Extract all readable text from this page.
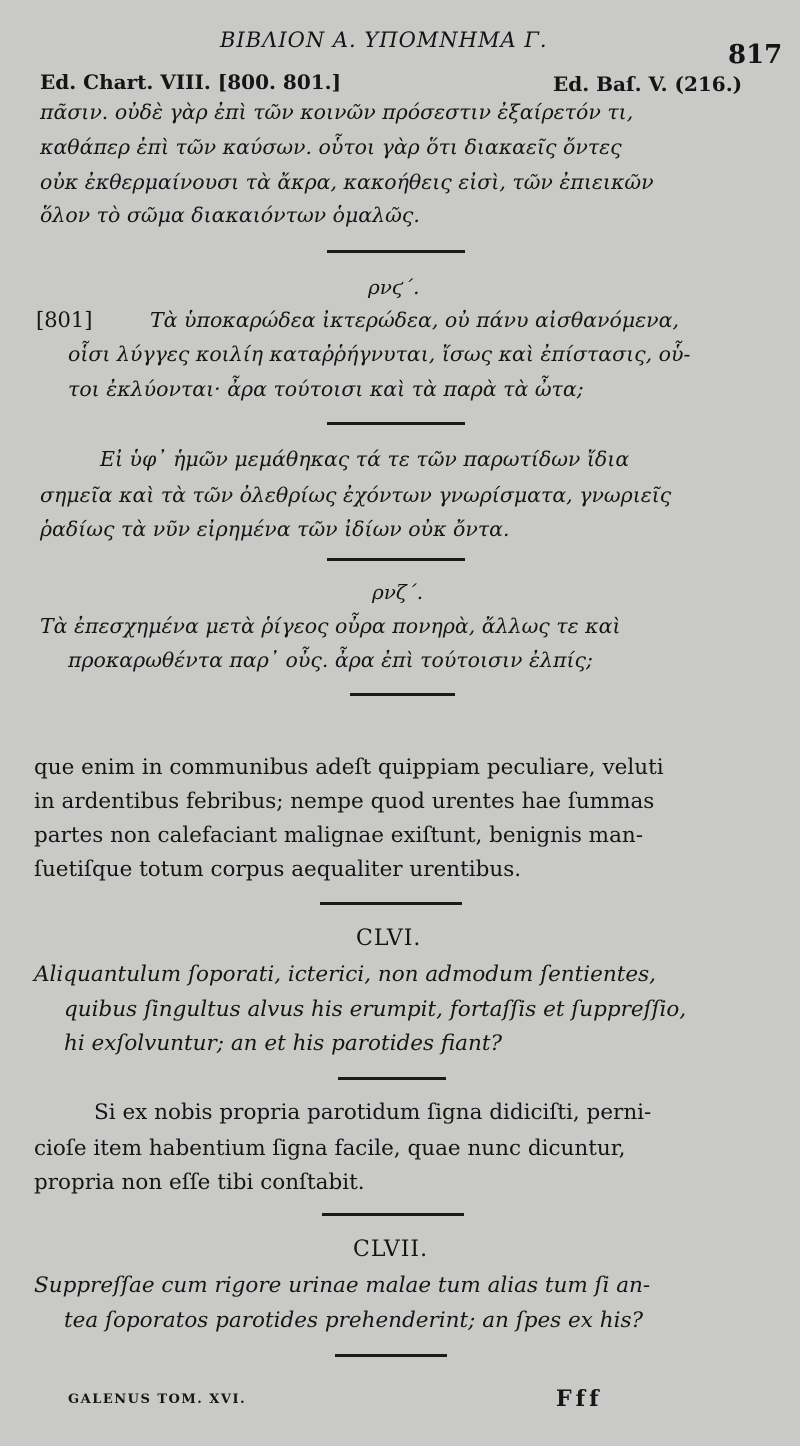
ΒΙΒΛΙΟΝ Α. ΥΠΟΜΝΗΜΑ Γ.	817
Ed. Chart. VIII. [800. 801.]	Ed. Baſ. V. (216.)
πᾶσιν. οὐδὲ γὰρ ἐπὶ τῶν κοινῶν πρόσεστιν ἐξαίρετόν τι,
καθάπερ ἐπὶ τῶν καύσων. οὗτοι γὰρ ὅτι διακαεῖς ὄντες
οὐκ ἐκθερμαίνουσι τὰ ἄκρα, κακοήθεις εἰσὶ, τῶν ἐπιεικῶν
ὅλον τὸ σῶμα διακαιόντων ὁμαλῶς.
ρνϛ΄.
[801]	Τὰ ὑποκαρώδεα ἰκτερώδεα, οὐ πάνυ αἰσθανόμενα,
οἷσι λύγγες κοιλίη καταῤῥήγνυται, ἴσως καὶ ἐπίστασις, οὗ-
τοι ἐκλύονται· ἆρα τούτοισι καὶ τὰ παρὰ τὰ ὦτα;
Εἰ ὑφ᾽ ἡμῶν μεμάθηκας τά τε τῶν παρωτίδων ἴδια
σημεῖα καὶ τὰ τῶν ὀλεθρίως ἐχόντων γνωρίσματα, γνωριεῖς
ῥαδίως τὰ νῦν εἰρημένα τῶν ἰδίων οὐκ ὄντα.
ρνζ΄.
Τὰ ἐπεσχημένα μετὰ ῥίγεος οὖρα πονηρὰ, ἄλλως τε καὶ
προκαρωθέντα παρ᾽ οὖς. ἆρα ἐπὶ τούτοισιν ἐλπίς;
que enim in communibus adeſt quippiam peculiare, veluti
in ardentibus febribus; nempe quod urentes hae ſummas
partes non calefaciant malignae exiſtunt, benignis man-
ſuetiſque totum corpus aequaliter urentibus.
CLVI.
Aliquantulum ſoporati, icterici, non admodum ſentientes,
quibus ſingultus alvus his erumpit, fortaſſis et ſuppreſſio,
hi exſolvuntur; an et his parotides fiant?
Si ex nobis propria parotidum ſigna didiciſti, perni-
cioſe item habentium ſigna facile, quae nunc dicuntur,
propria non eſſe tibi conſtabit.
CLVII.
Suppreſſae cum rigore urinae malae tum alias tum ſi an-
tea ſoporatos parotides prehenderint; an ſpes ex his?
GALENUS TOM. XVI.	Fff
